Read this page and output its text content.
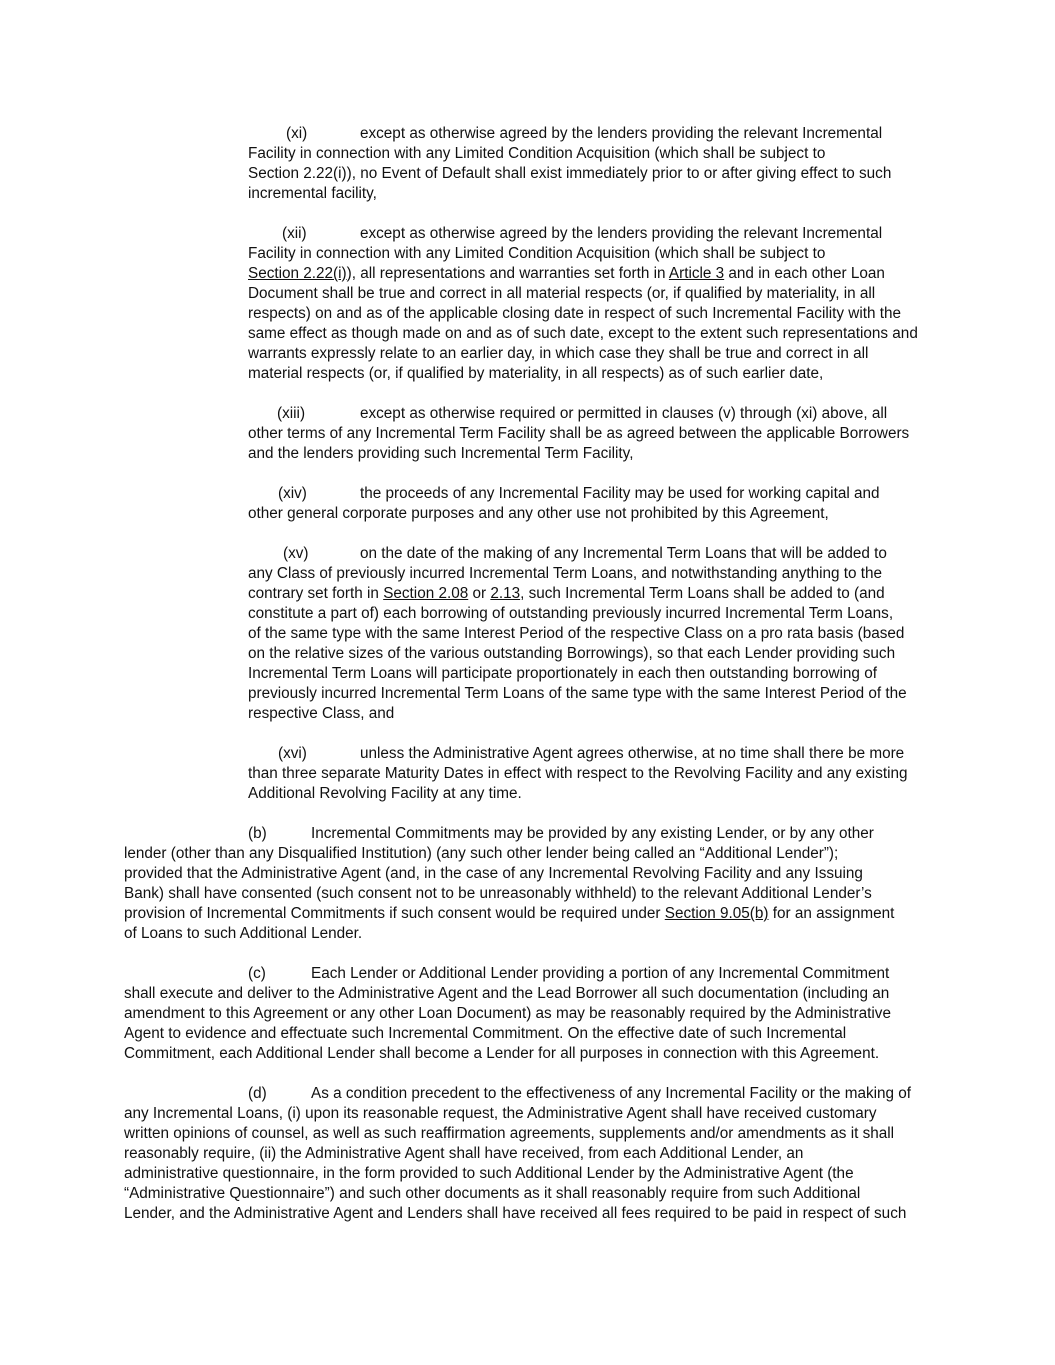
(xi)	except as otherwise agreed by the lenders providing the relevant Incremental
Facility in connection with any Limited Condition Acquisition (which shall be subject to
Section 2.22(i)), no Event of Default shall exist immediately prior to or after giving effect to such
incremental facility,
(xii)	except as otherwise agreed by the lenders providing the relevant Incremental
Facility in connection with any Limited Condition Acquisition (which shall be subject to
Section 2.22(i)), all representations and warranties set forth in Article 3 and in each other Loan
Document shall be true and correct in all material respects (or, if qualified by materiality, in all
respects) on and as of the applicable closing date in respect of such Incremental Facility with the
same effect as though made on and as of such date, except to the extent such representations and
warrants expressly relate to an earlier day, in which case they shall be true and correct in all
material respects (or, if qualified by materiality, in all respects) as of such earlier date,
(xiii)	except as otherwise required or permitted in clauses (v) through (xi) above, all
other terms of any Incremental Term Facility shall be as agreed between the applicable Borrowers
and the lenders providing such Incremental Term Facility,
(xiv)	the proceeds of any Incremental Facility may be used for working capital and
other general corporate purposes and any other use not prohibited by this Agreement,
(xv)	on the date of the making of any Incremental Term Loans that will be added to
any Class of previously incurred Incremental Term Loans, and notwithstanding anything to the
contrary set forth in Section 2.08 or 2.13, such Incremental Term Loans shall be added to (and
constitute a part of) each borrowing of outstanding previously incurred Incremental Term Loans,
of the same type with the same Interest Period of the respective Class on a pro rata basis (based
on the relative sizes of the various outstanding Borrowings), so that each Lender providing such
Incremental Term Loans will participate proportionately in each then outstanding borrowing of
previously incurred Incremental Term Loans of the same type with the same Interest Period of the
respective Class, and
(xvi)	unless the Administrative Agent agrees otherwise, at no time shall there be more
than three separate Maturity Dates in effect with respect to the Revolving Facility and any existing
Additional Revolving Facility at any time.
(b)	Incremental Commitments may be provided by any existing Lender, or by any other
lender (other than any Disqualified Institution) (any such other lender being called an “Additional Lender”);
provided that the Administrative Agent (and, in the case of any Incremental Revolving Facility and any Issuing
Bank) shall have consented (such consent not to be unreasonably withheld) to the relevant Additional Lender’s
provision of Incremental Commitments if such consent would be required under Section 9.05(b) for an assignment
of Loans to such Additional Lender.
(c)	Each Lender or Additional Lender providing a portion of any Incremental Commitment
shall execute and deliver to the Administrative Agent and the Lead Borrower all such documentation (including an
amendment to this Agreement or any other Loan Document) as may be reasonably required by the Administrative
Agent to evidence and effectuate such Incremental Commitment. On the effective date of such Incremental
Commitment, each Additional Lender shall become a Lender for all purposes in connection with this Agreement.
(d)	As a condition precedent to the effectiveness of any Incremental Facility or the making of
any Incremental Loans, (i) upon its reasonable request, the Administrative Agent shall have received customary
written opinions of counsel, as well as such reaffirmation agreements, supplements and/or amendments as it shall
reasonably require, (ii) the Administrative Agent shall have received, from each Additional Lender, an
administrative questionnaire, in the form provided to such Additional Lender by the Administrative Agent (the
“Administrative Questionnaire”) and such other documents as it shall reasonably require from such Additional
Lender, and the Administrative Agent and Lenders shall have received all fees required to be paid in respect of such
